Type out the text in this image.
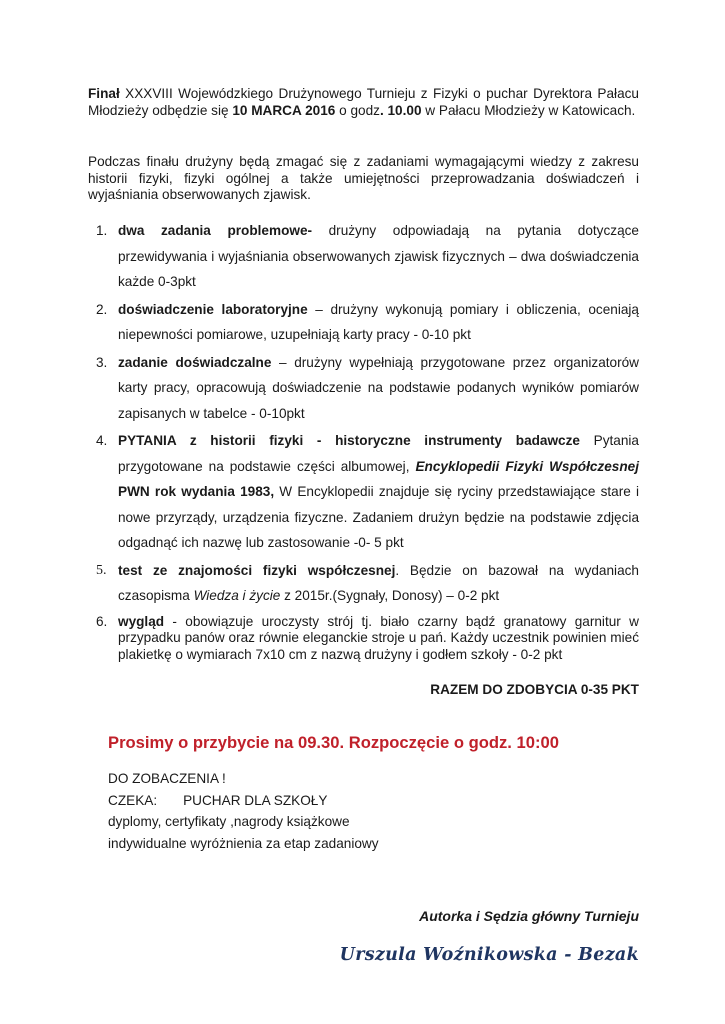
Finał XXXVIII Wojewódzkiego Drużynowego Turnieju z Fizyki o puchar Dyrektora Pałacu Młodzieży odbędzie się 10 MARCA 2016 o godz. 10.00 w Pałacu Młodzieży w Katowicach.
Podczas finału drużyny będą zmagać się z zadaniami wymagającymi wiedzy z zakresu historii fizyki, fizyki ogólnej a także umiejętności przeprowadzania doświadczeń i wyjaśniania obserwowanych zjawisk.
1. dwa zadania problemowe- drużyny odpowiadają na pytania dotyczące przewidywania i wyjaśniania obserwowanych zjawisk fizycznych – dwa doświadczenia każde 0-3pkt
2. doświadczenie laboratoryjne – drużyny wykonują pomiary i obliczenia, oceniają niepewności pomiarowe, uzupełniają karty pracy - 0-10 pkt
3. zadanie doświadczalne – drużyny wypełniają przygotowane przez organizatorów karty pracy, opracowują doświadczenie na podstawie podanych wyników pomiarów zapisanych w tabelce - 0-10pkt
4. PYTANIA z historii fizyki - historyczne instrumenty badawcze Pytania przygotowane na podstawie części albumowej, Encyklopedii Fizyki Współczesnej PWN rok wydania 1983, W Encyklopedii znajduje się ryciny przedstawiające stare i nowe przyrządy, urządzenia fizyczne. Zadaniem drużyn będzie na podstawie zdjęcia odgadnąć ich nazwę lub zastosowanie -0- 5 pkt
5. test ze znajomości fizyki współczesnej. Będzie on bazował na wydaniach czasopisma Wiedza i życie z 2015r.(Sygnały, Donosy) – 0-2 pkt
6. wygląd - obowiązuje uroczysty strój tj. biało czarny bądź granatowy garnitur w przypadku panów oraz równie eleganckie stroje u pań. Każdy uczestnik powinien mieć plakietkę o wymiarach 7x10 cm z nazwą drużyny i godłem szkoły - 0-2 pkt
RAZEM DO ZDOBYCIA 0-35 PKT
Prosimy o przybycie na 09.30. Rozpoczęcie o godz. 10:00
DO ZOBACZENIA !
CZEKA: PUCHAR DLA SZKOŁY
dyplomy, certyfikaty ,nagrody książkowe
indywidualne wyróżnienia za etap zadaniowy
Autorka i Sędzia główny Turnieju
Urszula Woźnikowska - Bezak
